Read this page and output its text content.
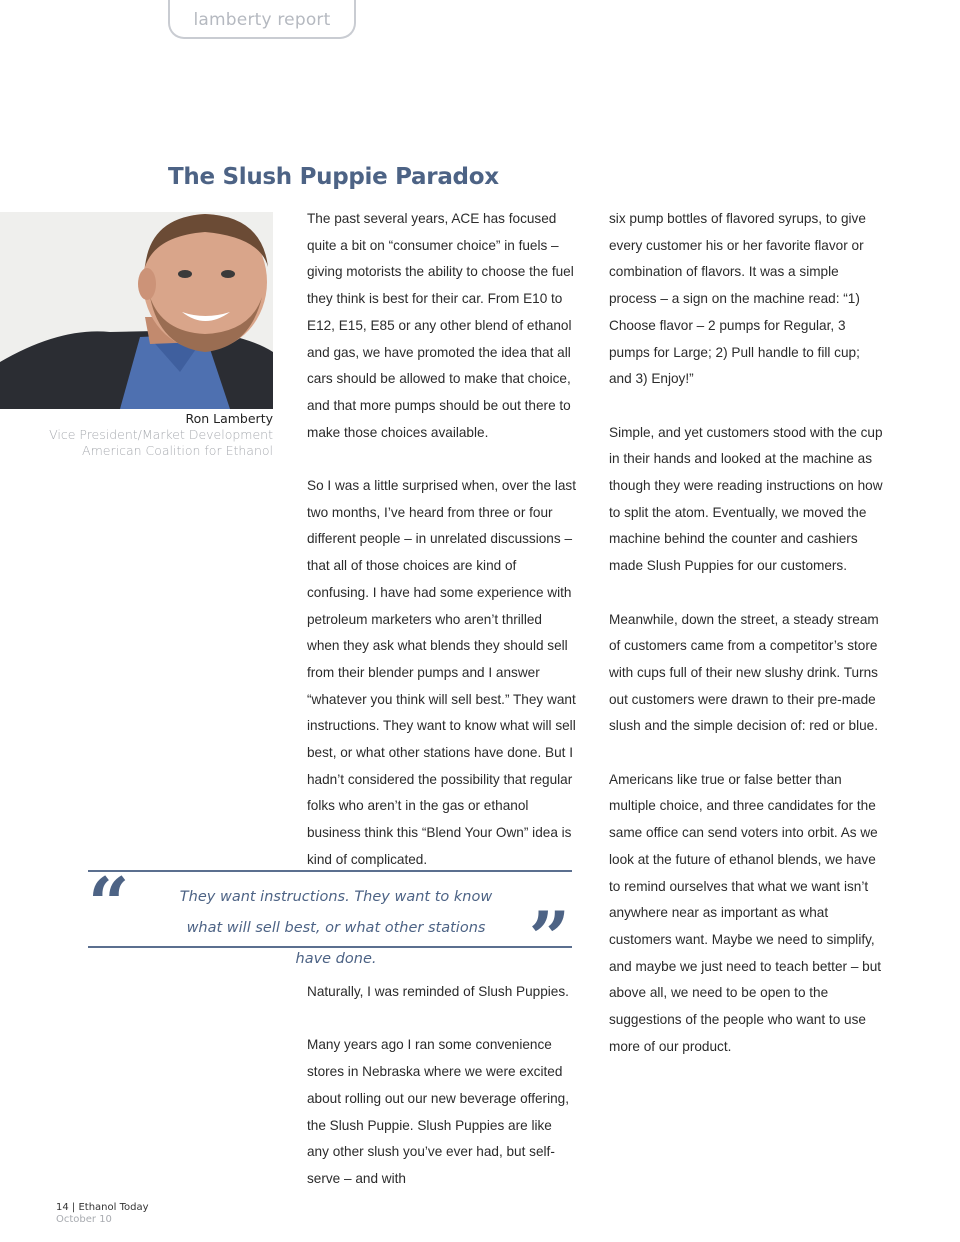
lamberty report
The Slush Puppie Paradox
Ron Lamberty
Vice President/Market Development
American Coalition for Ethanol

The past several years, ACE has focused quite a bit on “consumer choice” in fuels – giving motorists the ability to choose the fuel they think is best for their car. From E10 to E12, E15, E85 or any other blend of ethanol and gas, we have promoted the idea that all cars should be allowed to make that choice, and that more pumps should be out there to make those choices available.

So I was a little surprised when, over the last two months, I’ve heard from three or four different people – in unrelated discussions – that all of those choices are kind of confusing. I have had some experience with petroleum marketers who aren’t thrilled when they ask what blends they should sell from their blender pumps and I answer “whatever you think will sell best.” They want instructions. They want to know what will sell best, or what other stations have done. But I hadn’t considered the possibility that regular folks who aren’t in the gas or ethanol business think this “Blend Your Own” idea is kind of complicated.

“	They want instructions. They want to know what will sell best, or what other stations have done.	”

Naturally, I was reminded of Slush Puppies.

Many years ago I ran some convenience stores in Nebraska where we were excited about rolling out our new beverage offering, the Slush Puppie. Slush Puppies are like any other slush you’ve ever had, but self-serve – and with

six pump bottles of flavored syrups, to give every customer his or her favorite flavor or combination of flavors. It was a simple process – a sign on the machine read: “1) Choose flavor – 2 pumps for Regular, 3 pumps for Large; 2) Pull handle to fill cup; and 3) Enjoy!”

Simple, and yet customers stood with the cup in their hands and looked at the machine as though they were reading instructions on how to split the atom. Eventually, we moved the machine behind the counter and cashiers made Slush Puppies for our customers.

Meanwhile, down the street, a steady stream of customers came from a competitor’s store with cups full of their new slushy drink. Turns out customers were drawn to their pre-made slush and the simple decision of: red or blue.

Americans like true or false better than multiple choice, and three candidates for the same office can send voters into orbit. As we look at the future of ethanol blends, we have to remind ourselves that what we want isn’t anywhere near as important as what customers want. Maybe we need to simplify, and maybe we just need to teach better – but above all, we need to be open to the suggestions of the people who want to use more of our product.

14 | Ethanol Today
October 10
